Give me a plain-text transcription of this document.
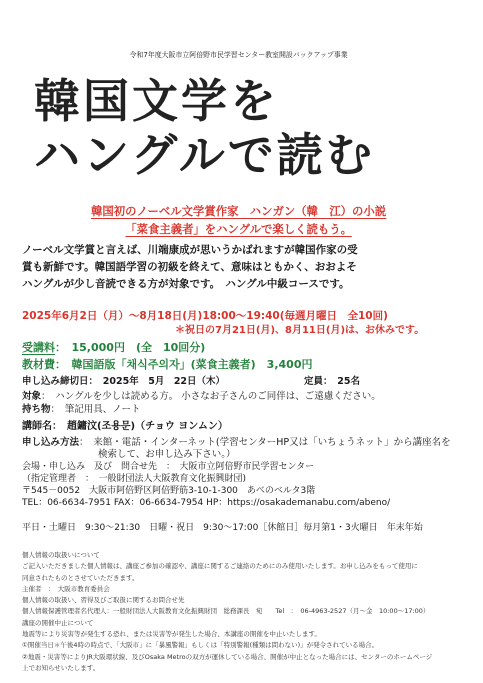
令和7年度大阪市立阿倍野市民学習センター教室開設バックアップ事業
韓国文学を
ハングルで読む
韓国初のノーベル文学賞作家　ハンガン（韓　江）の小説
「菜食主義者」をハングルで楽しく読もう。
ノーベル文学賞と言えば、川端康成が思いうかばれますが韓国作家の受
賞も新鮮です。韓国語学習の初級を終えて、意味はともかく、おおよそ
ハングルが少し音読できる方が対象です。　ハングル中級コースです。
2025年6月2日（月）～8月18日(月)18:00～19:40(毎週月曜日　全10回)
＊祝日の7月21日(月)、8月11日(月)は、お休みです。
受講料：　15,000円　(全　10回分)
教材費：　韓国語版「채식주의자」(菜食主義者)　3,400円
申し込み締切日：　2025年　5月　22日（木）	定員：　25名
対象：　ハングルを少しは読める方。 小さなお子さんのご同伴は、ご遠慮ください。
持ち物：　筆記用具、ノート
講師名：　趙鏞汶(조용문)（チョウ ヨンムン）
申し込み方法：　来館・電話・インターネット(学習センターHP又は「いちょうネット」から講座名を
検索して、お申し込み下さい。）
会場・申し込み　及び　問合せ先　：　大阪市立阿倍野市民学習センター
（指定管理者　：　一般財団法人大阪教育文化振興財団)
〒545－0052　大阪市阿倍野区阿倍野筋3-10-1-300　あべのベルタ3階
TEL：06-6634-7951 FAX：06-6634-7954 HP：https://osakademanabu.com/abeno/
平日・土曜日　9:30～21:30　日曜・祝日　9:30～17:00［休館日］毎月第1・3火曜日　年末年始
個人情報の取扱いについて
ご記入いただきました個人情報は、講座ご参加の確認や、講座に関するご連絡のためにのみ使用いたします。お申し込みをもって使用に
同意されたものとさせていただきます。
主催者　：　大阪市教育委員会
個人情報の取扱い、習得及びご取扱に関するお問合せ先
個人情報保護管理者名代理人：一般財団法人大阪教育文化振興財団　総務課長　宛　　Tel　：　06-4963-2527（月～金　10:00～17:00）
講座の開催中止について
地震等により災害等が発生する恐れ、または災害等が発生した場合、本講座の開催を中止いたします。
①開催当日＊午後4時の時点で、「大阪市」に「暴風警報」もしくは「特別警報(種類は問わない)」が発令されている場合。
②地震・災害等によりJR大阪環状線、及びOsaka Metroの双方が運休している場合、開催が中止となった場合には、センターのホームページ
上でお知らせいたします。
